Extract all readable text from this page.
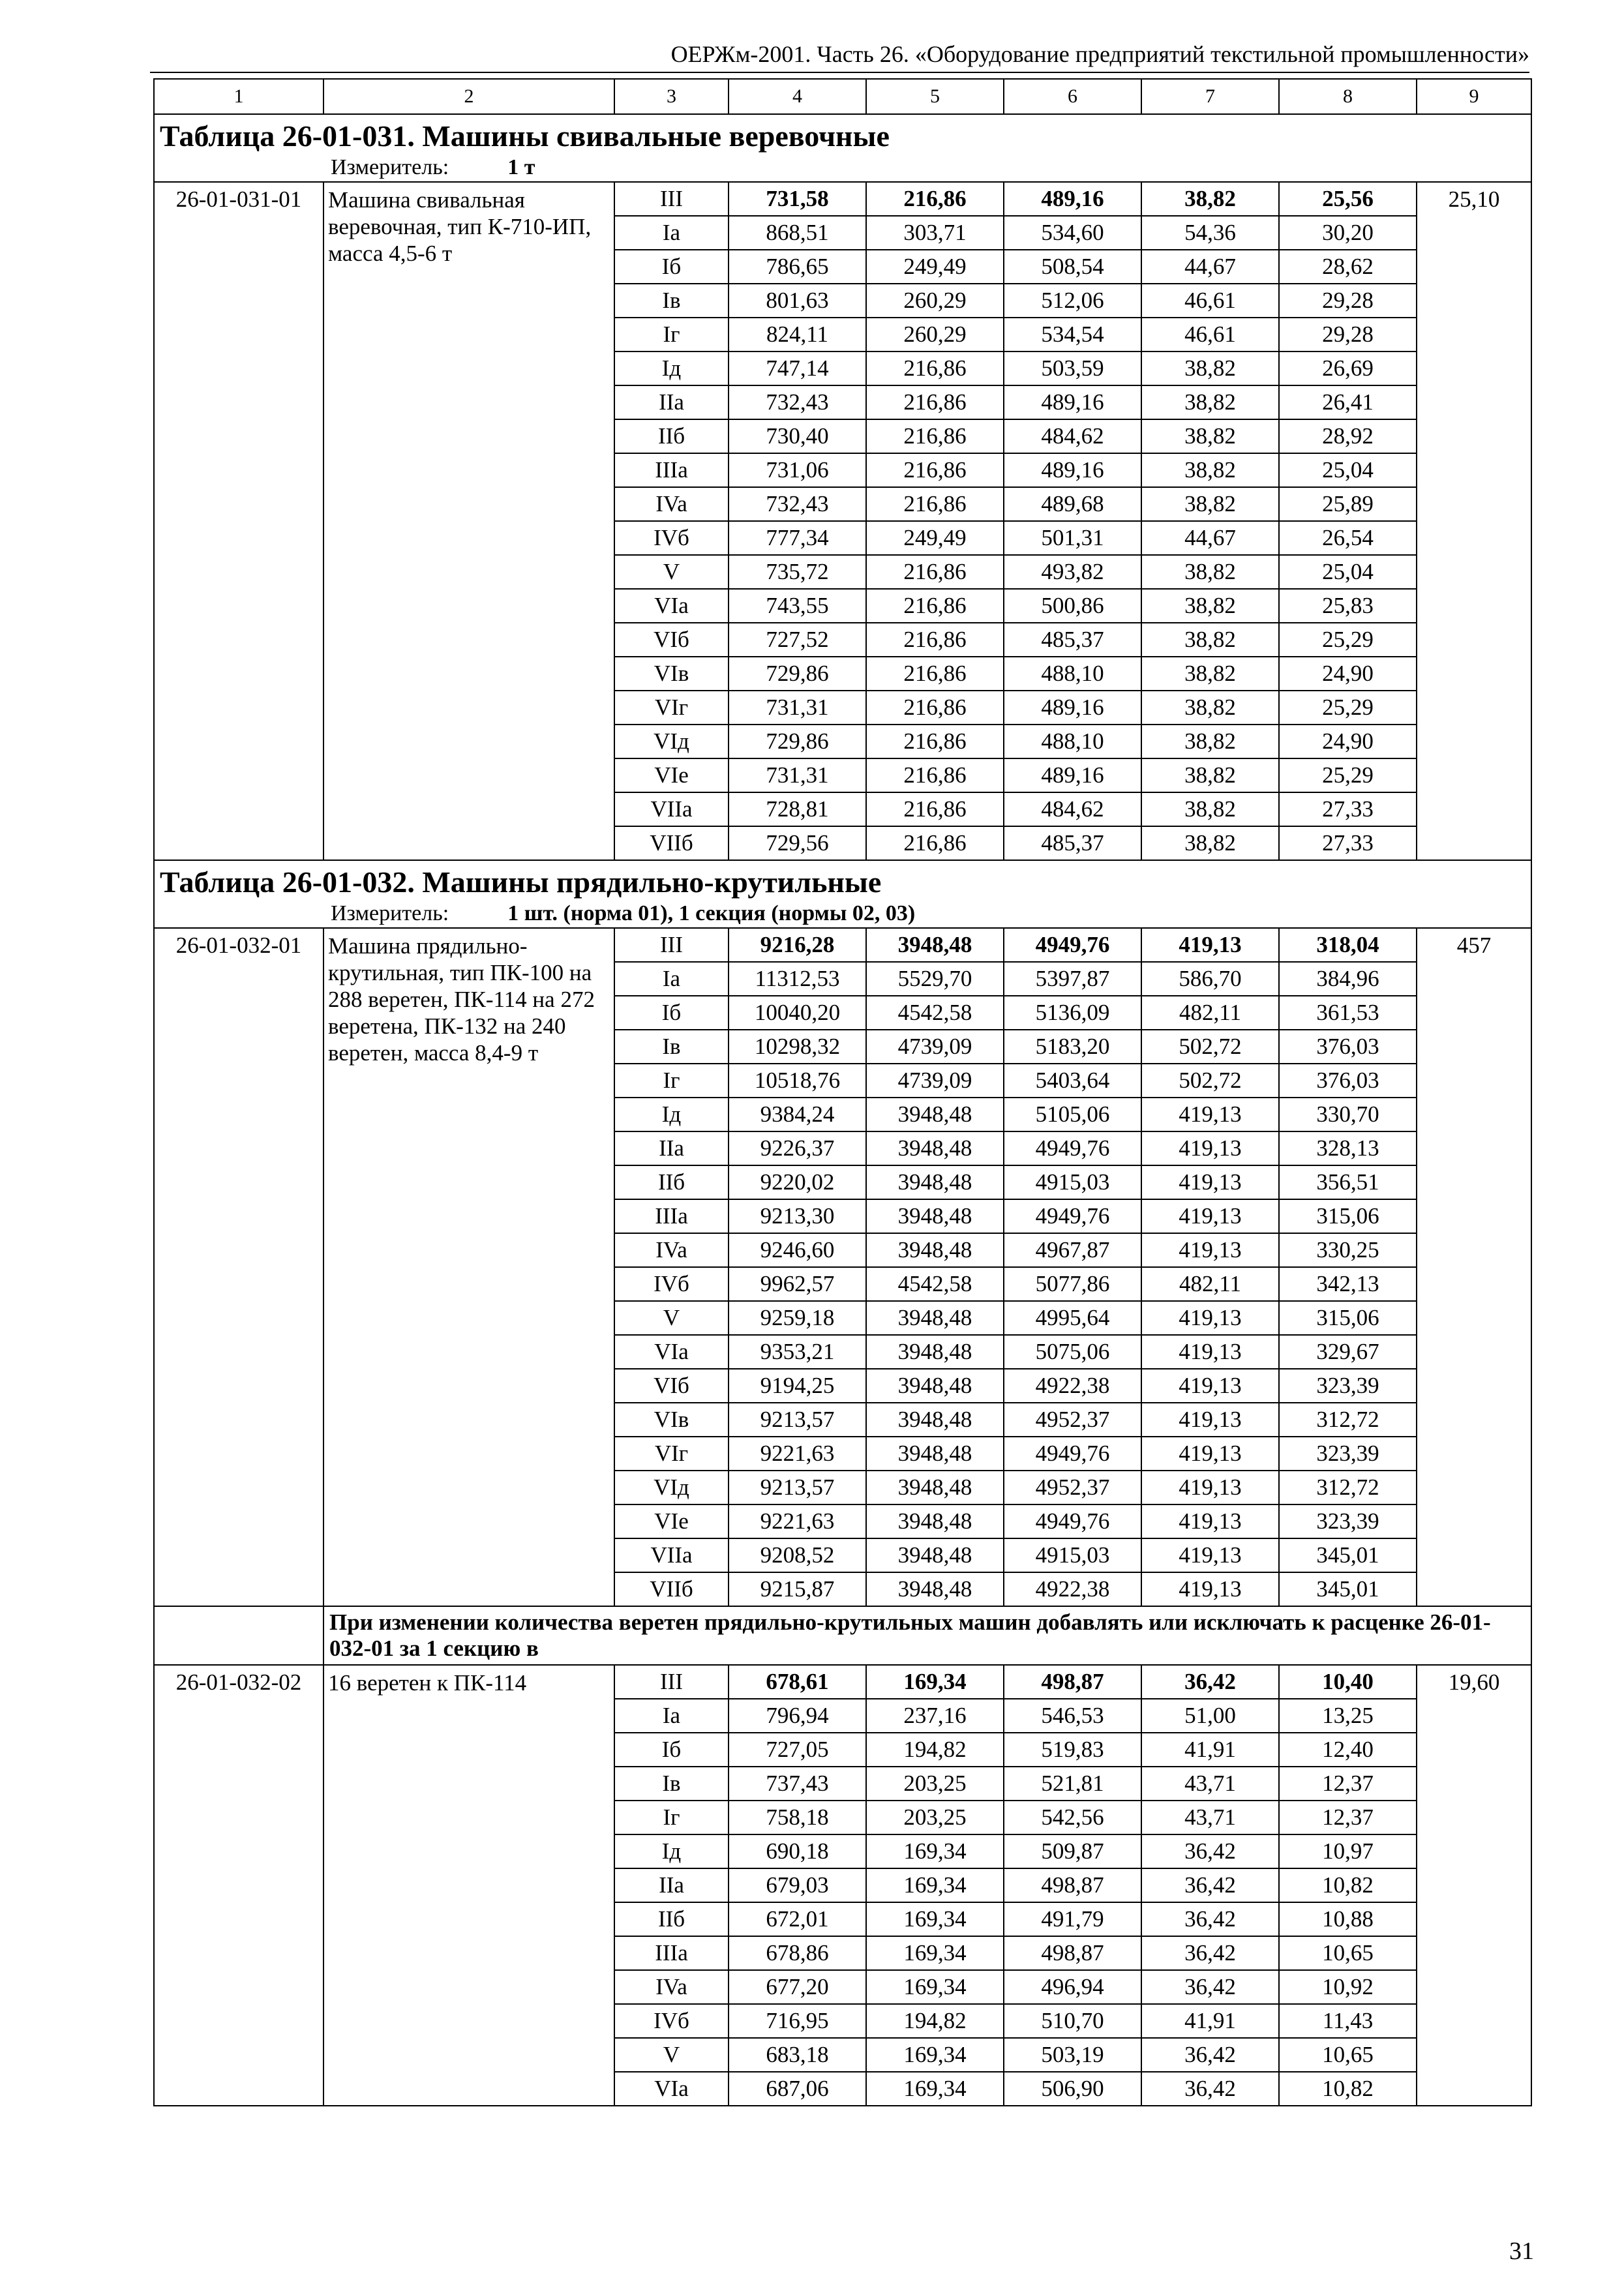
ОЕРЖм-2001. Часть 26. «Оборудование предприятий текстильной промышленности»
1	2	3	4	5	6	7	8	9

Таблица 26-01-031. Машины свивальные веревочные
Измеритель: 1 т								

26-01-031-01	Машина свивальная веревочная, тип К-710-ИП, масса 4,5-6 т	III	731,58	216,86	489,16	38,82	25,56	25,10
		Ia	868,51	303,71	534,60	54,36	30,20	
		Iб	786,65	249,49	508,54	44,67	28,62	
		Iв	801,63	260,29	512,06	46,61	29,28	
		Iг	824,11	260,29	534,54	46,61	29,28	
		Iд	747,14	216,86	503,59	38,82	26,69	
		IIa	732,43	216,86	489,16	38,82	26,41	
		IIб	730,40	216,86	484,62	38,82	28,92	
		IIIa	731,06	216,86	489,16	38,82	25,04	
		IVa	732,43	216,86	489,68	38,82	25,89	
		IVб	777,34	249,49	501,31	44,67	26,54	
		V	735,72	216,86	493,82	38,82	25,04	
		VIa	743,55	216,86	500,86	38,82	25,83	
		VIб	727,52	216,86	485,37	38,82	25,29	
		VIв	729,86	216,86	488,10	38,82	24,90	
		VIг	731,31	216,86	489,16	38,82	25,29	
		VIд	729,86	216,86	488,10	38,82	24,90	
		VIe	731,31	216,86	489,16	38,82	25,29	
		VIIa	728,81	216,86	484,62	38,82	27,33	
		VIIб	729,56	216,86	485,37	38,82	27,33	

Таблица 26-01-032. Машины прядильно-крутильные
Измеритель: 1 шт. (норма 01), 1 секция (нормы 02, 03)								

26-01-032-01	Машина прядильно-крутильная, тип ПК-100 на 288 веретен, ПК-114 на 272 веретена, ПК-132 на 240 веретен, масса 8,4-9 т	III	9216,28	3948,48	4949,76	419,13	318,04	457
		Ia	11312,53	5529,70	5397,87	586,70	384,96	
		Iб	10040,20	4542,58	5136,09	482,11	361,53	
		Iв	10298,32	4739,09	5183,20	502,72	376,03	
		Iг	10518,76	4739,09	5403,64	502,72	376,03	
		Iд	9384,24	3948,48	5105,06	419,13	330,70	
		IIa	9226,37	3948,48	4949,76	419,13	328,13	
		IIб	9220,02	3948,48	4915,03	419,13	356,51	
		IIIa	9213,30	3948,48	4949,76	419,13	315,06	
		IVa	9246,60	3948,48	4967,87	419,13	330,25	
		IVб	9962,57	4542,58	5077,86	482,11	342,13	
		V	9259,18	3948,48	4995,64	419,13	315,06	
		VIa	9353,21	3948,48	5075,06	419,13	329,67	
		VIб	9194,25	3948,48	4922,38	419,13	323,39	
		VIв	9213,57	3948,48	4952,37	419,13	312,72	
		VIг	9221,63	3948,48	4949,76	419,13	323,39	
		VIд	9213,57	3948,48	4952,37	419,13	312,72	
		VIe	9221,63	3948,48	4949,76	419,13	323,39	
		VIIa	9208,52	3948,48	4915,03	419,13	345,01	
		VIIб	9215,87	3948,48	4922,38	419,13	345,01	
	При изменении количества веретен прядильно-крутильных машин добавлять или исключать к расценке 26-01-032-01 за 1 секцию в							
26-01-032-02	16 веретен к ПК-114	III	678,61	169,34	498,87	36,42	10,40	19,60
		Ia	796,94	237,16	546,53	51,00	13,25	
		Iб	727,05	194,82	519,83	41,91	12,40	
		Iв	737,43	203,25	521,81	43,71	12,37	
		Iг	758,18	203,25	542,56	43,71	12,37	
		Iд	690,18	169,34	509,87	36,42	10,97	
		IIa	679,03	169,34	498,87	36,42	10,82	
		IIб	672,01	169,34	491,79	36,42	10,88	
		IIIa	678,86	169,34	498,87	36,42	10,65	
		IVa	677,20	169,34	496,94	36,42	10,92	
		IVб	716,95	194,82	510,70	41,91	11,43	
		V	683,18	169,34	503,19	36,42	10,65	
		VIa	687,06	169,34	506,90	36,42	10,82	
31
